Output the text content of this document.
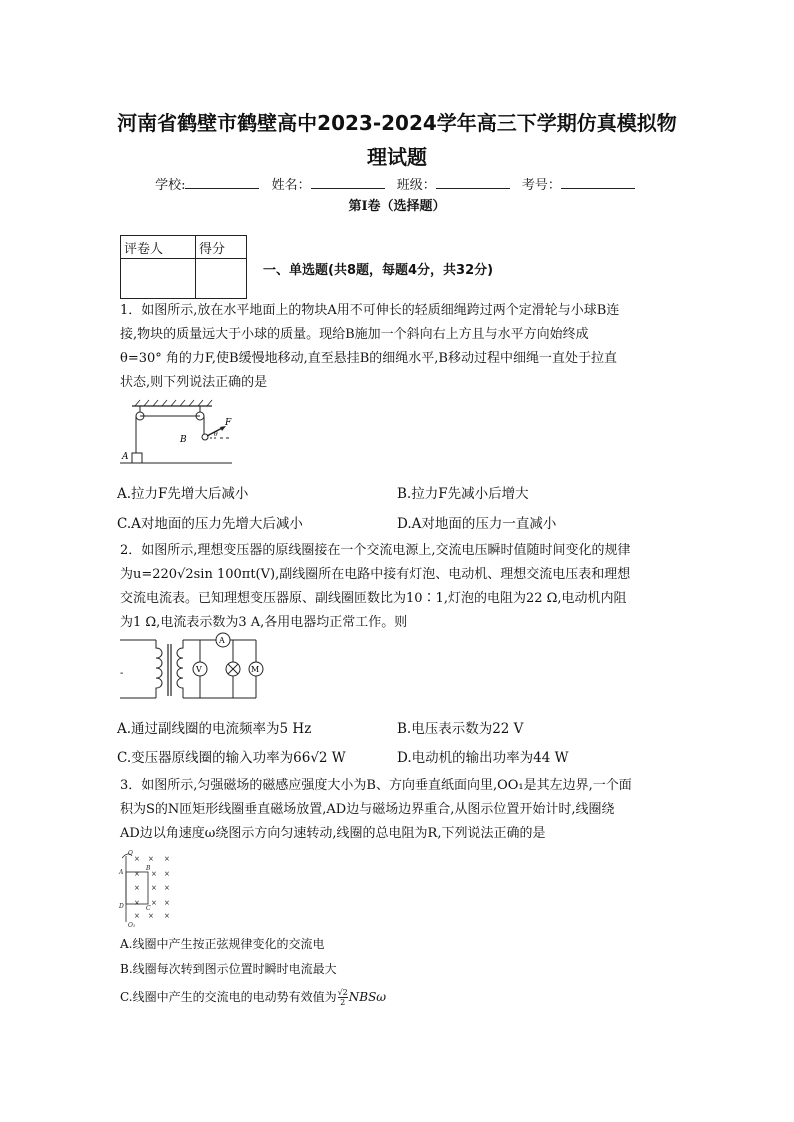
河南省鹤壁市鹤壁高中2023-2024学年高三下学期仿真模拟物
理试题
学校:	姓名：	班级：	考号：
第I卷（选择题）
评卷人	得分

一、单选题(共8题，每题4分，共32分)
1．如图所示,放在水平地面上的物块A用不可伸长的轻质细绳跨过两个定滑轮与小球B连
接,物块的质量远大于小球的质量。现给B施加一个斜向右上方且与水平方向始终成
θ=30° 角的力F,使B缓慢地移动,直至悬挂B的细绳水平,B移动过程中细绳一直处于拉直
状态,则下列说法正确的是
A
B
F
θ
A.拉力F先增大后减小	B.拉力F先减小后增大
C.A对地面的压力先增大后减小	D.A对地面的压力一直减小
2．如图所示,理想变压器的原线圈接在一个交流电源上,交流电压瞬时值随时间变化的规律
为u=220√2sin 100πt(V),副线圈所在电路中接有灯泡、电动机、理想交流电压表和理想
交流电流表。已知理想变压器原、副线圈匝数比为10∶1,灯泡的电阻为22 Ω,电动机内阻
为1 Ω,电流表示数为3 A,各用电器均正常工作。则
A
V	M
-
A.通过副线圈的电流频率为5 Hz	B.电压表示数为22 V
C.变压器原线圈的输入功率为66√2 W	D.电动机的输出功率为44 W
3．如图所示,匀强磁场的磁感应强度大小为B、方向垂直纸面向里,OO₁是其左边界,一个面
积为S的N匝矩形线圈垂直磁场放置,AD边与磁场边界重合,从图示位置开始计时,线圈绕
AD边以角速度ω绕图示方向匀速转动,线圈的总电阻为R,下列说法正确的是
× × ×
× × ×
× × ×
× × ×
× × ×
O
O₁
A
B
C
D
A.线圈中产生按正弦规律变化的交流电
B.线圈每次转到图示位置时瞬时电流最大
C.线圈中产生的交流电的电动势有效值为 $\frac{√2}{2}$ NBSω
